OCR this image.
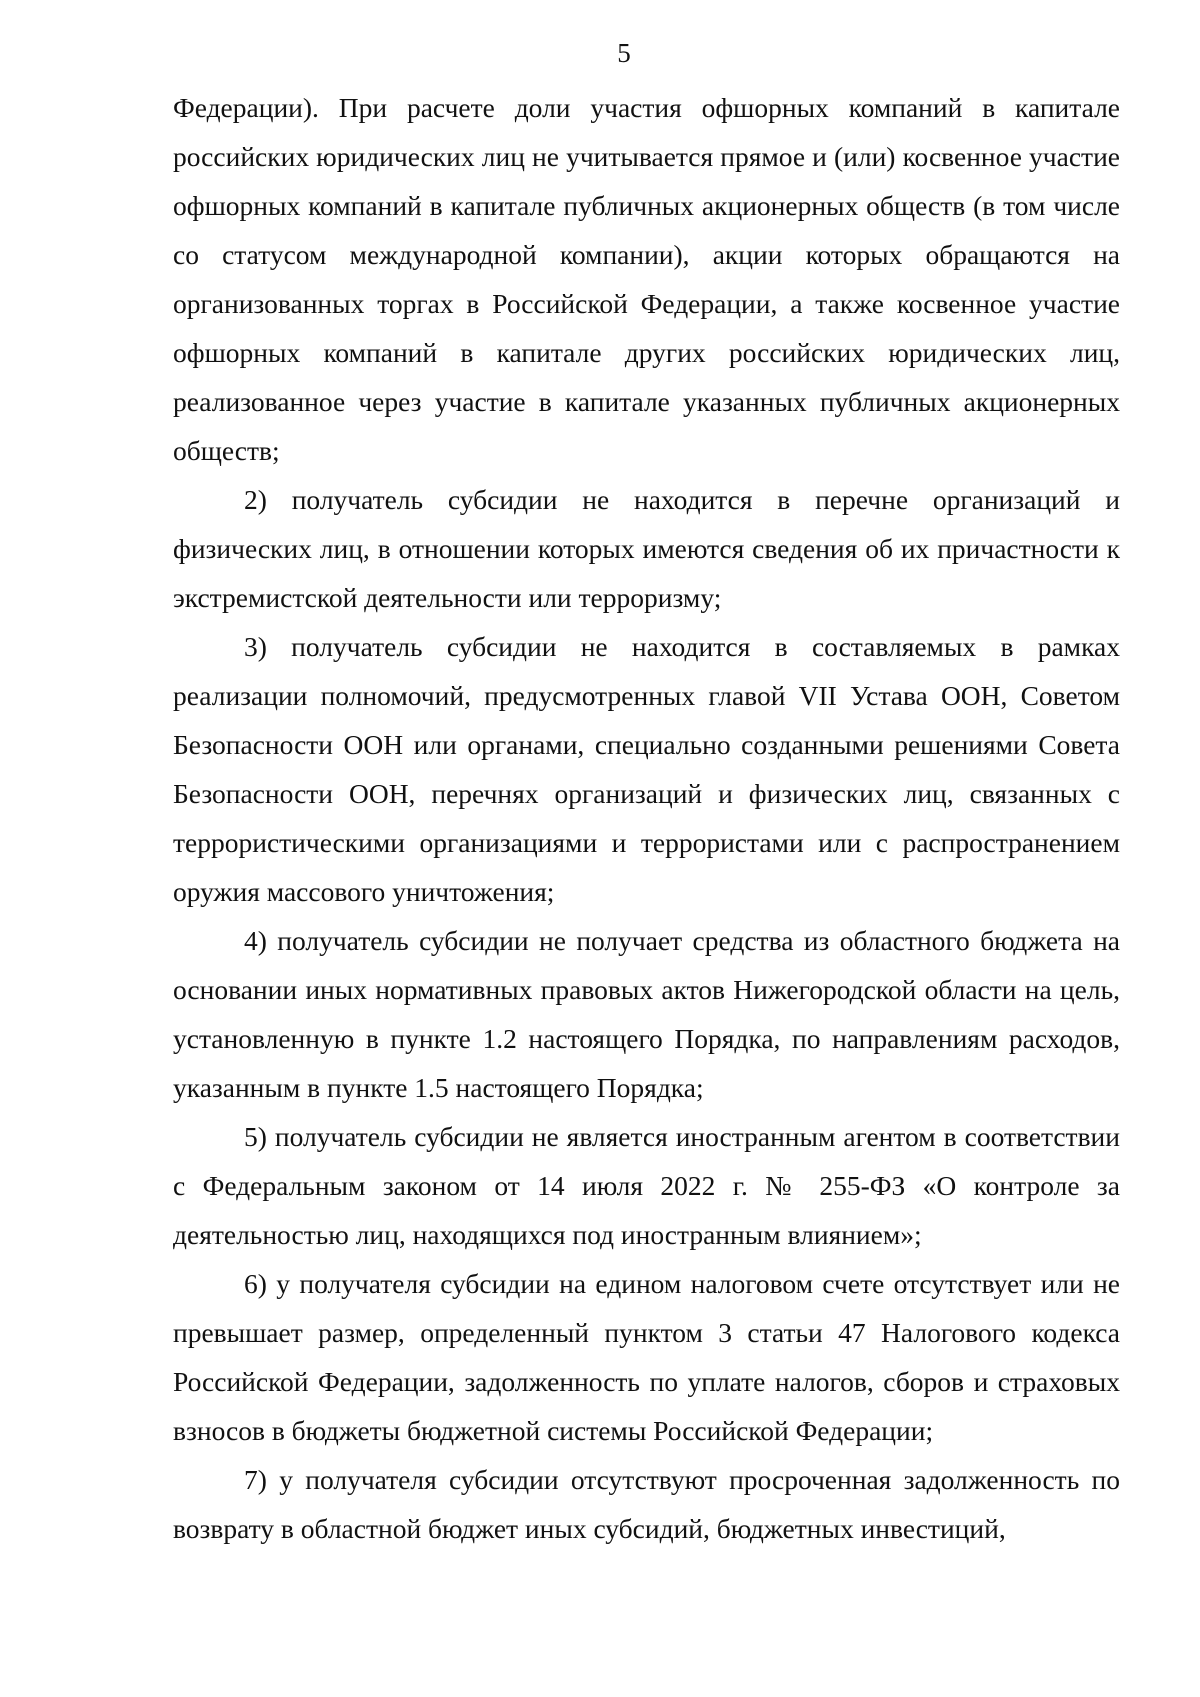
5

Федерации). При расчете доли участия офшорных компаний в капитале российских юридических лиц не учитывается прямое и (или) косвенное участие офшорных компаний в капитале публичных акционерных обществ (в том числе со статусом международной компании), акции которых обращаются на организованных торгах в Российской Федерации, а также косвенное участие офшорных компаний в капитале других российских юридических лиц, реализованное через участие в капитале указанных публичных акционерных обществ;

2) получатель субсидии не находится в перечне организаций и физических лиц, в отношении которых имеются сведения об их причастности к экстремистской деятельности или терроризму;

3) получатель субсидии не находится в составляемых в рамках реализации полномочий, предусмотренных главой VII Устава ООН, Советом Безопасности ООН или органами, специально созданными решениями Совета Безопасности ООН, перечнях организаций и физических лиц, связанных с террористическими организациями и террористами или с распространением оружия массового уничтожения;

4) получатель субсидии не получает средства из областного бюджета на основании иных нормативных правовых актов Нижегородской области на цель, установленную в пункте 1.2 настоящего Порядка, по направлениям расходов, указанным в пункте 1.5 настоящего Порядка;

5) получатель субсидии не является иностранным агентом в соответствии с Федеральным законом от 14 июля 2022 г. № 255-ФЗ «О контроле за деятельностью лиц, находящихся под иностранным влиянием»;

6) у получателя субсидии на едином налоговом счете отсутствует или не превышает размер, определенный пунктом 3 статьи 47 Налогового кодекса Российской Федерации, задолженность по уплате налогов, сборов и страховых взносов в бюджеты бюджетной системы Российской Федерации;

7) у получателя субсидии отсутствуют просроченная задолженность по возврату в областной бюджет иных субсидий, бюджетных инвестиций,
